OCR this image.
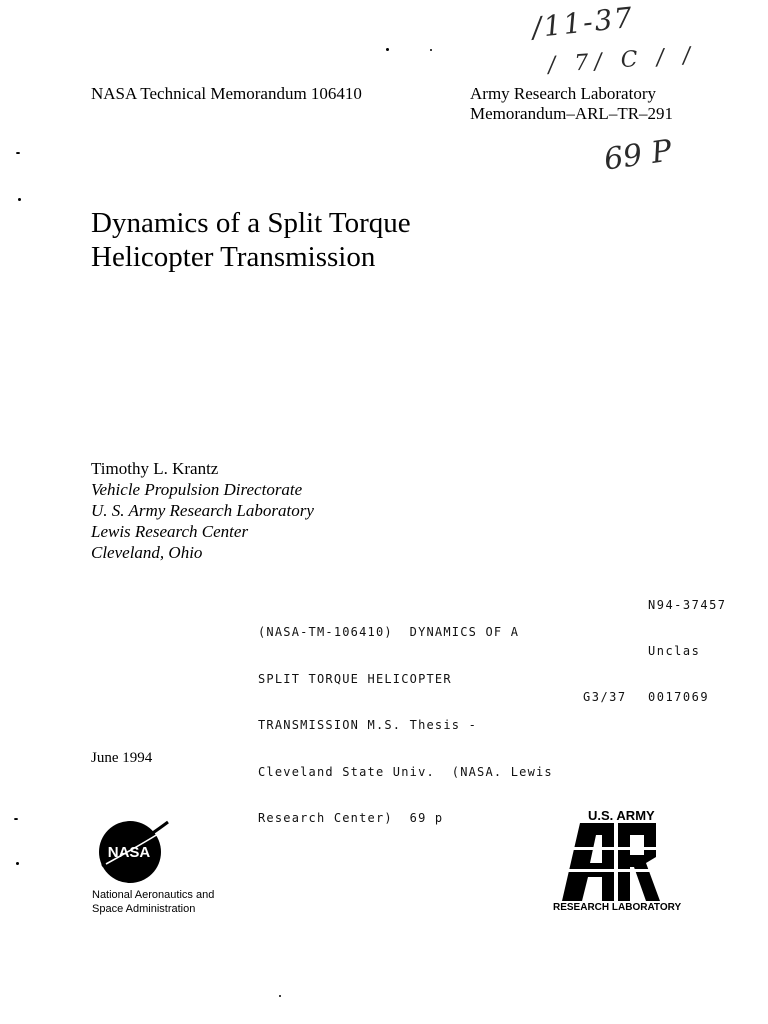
/11-37
/ 7/ C / /
69 P
NASA Technical Memorandum 106410	Army Research Laboratory
Memorandum–ARL–TR–291
Dynamics of a Split Torque
Helicopter Transmission
Timothy L. Krantz
Vehicle Propulsion Directorate
U. S. Army Research Laboratory
Lewis Research Center
Cleveland, Ohio

(NASA-TM-106410)  DYNAMICS OF A

SPLIT TORQUE HELICOPTER

TRANSMISSION M.S. Thesis -

Cleveland State Univ.  (NASA. Lewis

Research Center)  69 p

N94-37457
Unclas
G3/37 0017069
June 1994
NASA
National Aeronautics and
Space Administration
U.S. ARMY
ARL
RESEARCH LABORATORY
